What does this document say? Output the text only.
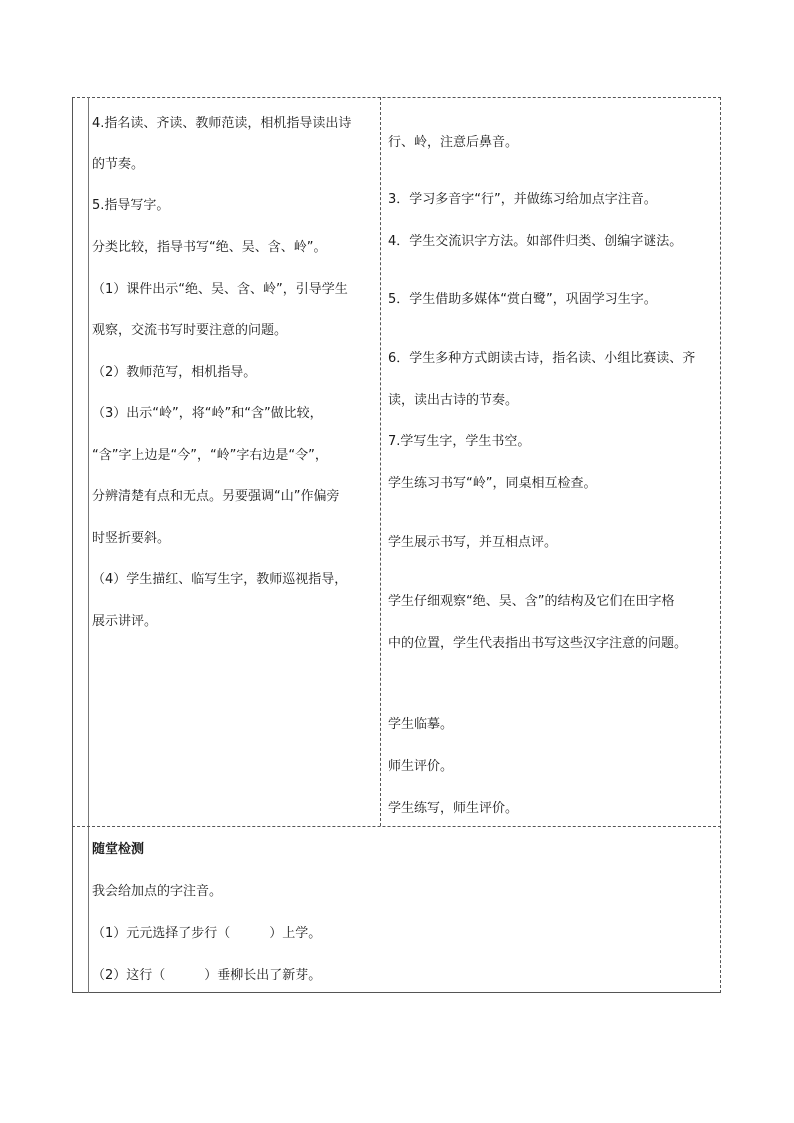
4.指名读、齐读、教师范读，相机指导读出诗
的节奏。
5.指导写字。
分类比较，指导书写“绝、吴、含、岭”。
（1）课件出示“绝、吴、含、岭”，引导学生
观察，交流书写时要注意的问题。
（2）教师范写，相机指导。
（3）出示“岭”，将“岭”和“含”做比较，
“含”字上边是“今”，“岭”字右边是“令”，
分辨清楚有点和无点。另要强调“山”作偏旁
时竖折要斜。
（4）学生描红、临写生字，教师巡视指导，
展示讲评。
行、岭，注意后鼻音。
3．学习多音字“行”，并做练习给加点字注音。
4．学生交流识字方法。如部件归类、创编字谜法。
5．学生借助多媒体“赏白鹭”，巩固学习生字。
6．学生多种方式朗读古诗，指名读、小组比赛读、齐
读，读出古诗的节奏。
7.学写生字，学生书空。
学生练习书写“岭”，同桌相互检查。
学生展示书写，并互相点评。
学生仔细观察“绝、吴、含”的结构及它们在田字格
中的位置，学生代表指出书写这些汉字注意的问题。
学生临摹。
师生评价。
学生练写，师生评价。
随堂检测
我会给加点的字注音。
（1）元元选择了步行（　　　）上学。
（2）这行（　　　）垂柳长出了新芽。
